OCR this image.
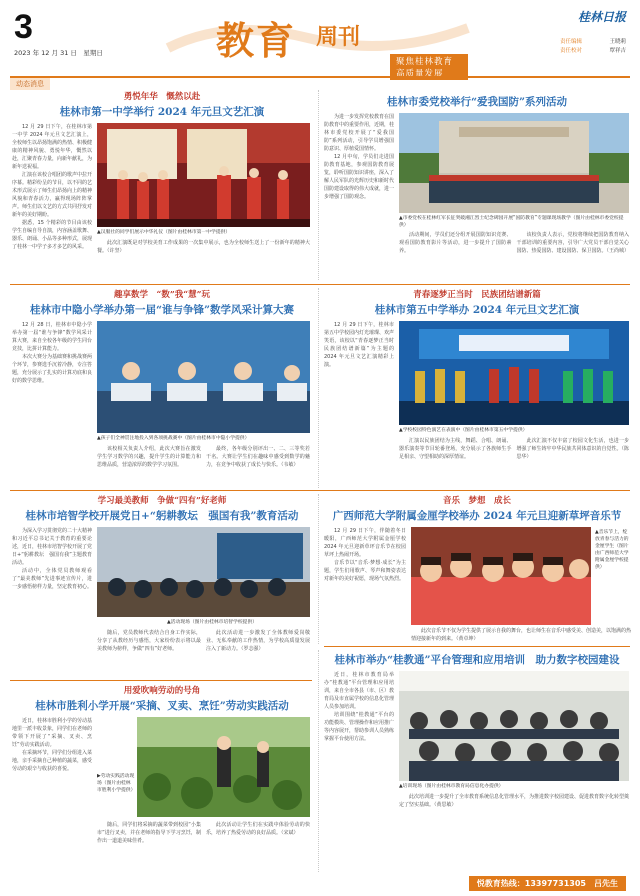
3
2023 年 12 月 31 日　星期日	教育 周刊
聚焦桂林教育高质量发展
桂林日报
责任编辑	王晓莉
责任校对	覃祥吉
动态消息
勇悦年华　慨然以赴
桂林市第一中学举行 2024 年元旦文艺汇演

12 月 29 日下午，在桂林市第一中学 2024 年元旦文艺汇演上，全校师生以昂扬饱满的热情、积极健康的精神风貌、勇悦年华，慨然以赴，汇聚青春力量，向新年献礼，为新年送祝福。

汇演在该校合唱团的歌声中拉开序幕。精彩纷呈的节目，以不同的艺术形式展示了师生们昂扬向上的精神风貌和青春活力，赢得现场阵阵掌声。师生们以文艺的方式共同抒发对新年的美好期盼。

据悉，15 个精彩的节目由该校学生自编自导自演，内容涵盖歌舞、器乐、朗诵、小品等多种形式，展现了桂林一中学子多才多艺的风采。

▲汉服社的同学们展示中华礼仪（图片由桂林市第一中学提供）

此次汇演既是对学校美育工作成果的一次集中展示，也为全校师生送上了一份新年的精神大餐。（许坚）

桂林市委党校举行“爱我国防”系列活动

为进一步发挥党校教育在国防教育中的重要作用，近期，桂林市委党校开展了“爱我国防”系列活动，引导学员增强国防意识、厚植爱国情怀。

12 月中旬，学员们走进国防教育基地，参观国防教育展览，聆听国防知识讲座，深入了解人民军队的光辉历史和新时代国防建设取得的伟大成就，进一步增强了国防观念。

▲市委党校在桂林红军长征突破湘江烈士纪念碑园开展“国防教育”专题课现场教学（图片由桂林市委党校提供）

活动期间，学员们还分组开展国防知识竞赛、观看国防教育影片等活动，进一步提升了国防素养。

该校负责人表示，党校将继续把国防教育纳入干部培训的重要内容，引导广大党员干部自觉关心国防、热爱国防、建设国防、保卫国防。（王尚城）

趣享数学　“数”我“慧”玩
桂林市中隐小学举办第一届“谁与争锋”数学风采计算大赛

12 月 28 日，桂林市中隐小学举办第一届“谁与争锋”数学风采计算大赛，来自全校各年级的学生同台竞技，比拼计算能力。

本次大赛分为基础赛和挑战赛两个环节，参赛选手沉着冷静，专注答题，充分展示了扎实的计算功底和良好的数学思维。

▲孩子们全神贯注地投入到各项挑战赛中（图片由桂林市中隐小学提供）

该校相关负责人介绍，此次大赛旨在激发学生学习数学的兴趣，提升学生的计算能力和思维品质，营造浓厚的数学学习氛围。

最终，各年级分别评出一、二、三等奖若干名。大赛让学生们在趣味中感受到数学的魅力，在竞争中收获了成长与快乐。（韦敏）

青春逐梦正当时　民族团结谱新篇
桂林市第五中学举办 2024 年元旦文艺汇演

12 月 29 日下午，桂林市第五中学校园内灯光璀璨、欢声笑语，该校以“青春逐梦正当时　民族团结谱新篇”为主题的 2024 年元旦文艺汇演精彩上演。

▲学校校园特色演艺在表演中（图片由桂林市第五中学提供）

汇演以民族团结为主线，舞蹈、合唱、朗诵、器乐演奏等节目轮番登场，充分展示了各族师生手足相亲、守望相助的深厚情谊。

此次汇演不仅丰富了校园文化生活，也进一步增强了师生铸牢中华民族共同体意识的自觉性。（陈思华）

学习最美教师　争做“四有”好老师
桂林市培智学校开展党日+“躬耕教坛　强国有我”教育活动

为深入学习贯彻党的二十大精神和习近平总书记关于教育的重要论述，近日，桂林市培智学校开展了党日+“躬耕教坛　强国有我”主题教育活动。

活动中，全体党员教师观看了“最美教师”先进事迹宣传片，进一步感悟榜样力量，坚定教育初心。

▲活动现场（图片由桂林市培智学校提供）

随后，党员教师代表结合自身工作实际，分享了从教经历与感悟，大家纷纷表示将以最美教师为榜样，争做“四有”好老师。

此次活动进一步激发了全体教师爱岗敬业、无私奉献的工作热情，为学校高质量发展注入了新动力。（罗志强）

音乐　梦想　成长
广西师范大学附属金厘学校举办 2024 年元旦迎新草坪音乐节

12 月 29 日下午，伴随着冬日暖阳，广西师范大学附属金厘学校 2024 年元旦迎新草坪音乐节在校园草坪上热闹开场。

音乐节以“音乐·梦想·成长”为主题，学生们用歌声、琴声和舞姿表达对新年的美好祝愿，现场气氛热烈。

▲音乐节上，绽放青春与活力的金厘学生（图片由广西师范大学附属金厘学校提供）

此次音乐节不仅为学生提供了展示自我的舞台，也让师生在音乐中感受美、创造美，以饱满的热情迎接新年的到来。（黄卓坤）

用爱吹响劳动的号角
桂林市胜利小学开展“采摘、叉卖、烹饪”劳动实践活动

近日，桂林市胜利小学的劳动基地里一派丰收景象，同学们在老师的带领下开展了“采摘、叉卖、烹饪”劳动实践活动。

在采摘环节，同学们分组进入菜地，亲手采摘自己种植的蔬菜，感受劳动的艰辛与收获的喜悦。

▶劳动实践活动现场（图片由桂林市胜利小学提供）

随后，同学们将采摘的蔬菜带到校园“小集市”进行叉卖，并在老师的指导下学习烹饪，制作出一道道美味佳肴。

此次活动让学生们在实践中体验劳动的快乐，培养了热爱劳动的良好品质。（宋斌）

桂林市举办“桂教通”平台管理和应用培训　助力数字校园建设

近日，桂林市教育局举办“桂教通”平台管理和应用培训，来自全市各县（市、区）教育局及市直属学校的信息化管理人员参加培训。

培训围绕“桂教通”平台的功能模块、管理操作和应用推广等内容展开，帮助参训人员熟练掌握平台使用方法。

▲培训现场（图片由桂林市教育局信息化办提供）

此次培训进一步提升了全市教育系统信息化管理水平，为推进数字校园建设、促进教育数字化转型奠定了坚实基础。（黄思敏）

悦教育热线：13397731305　吕先生
